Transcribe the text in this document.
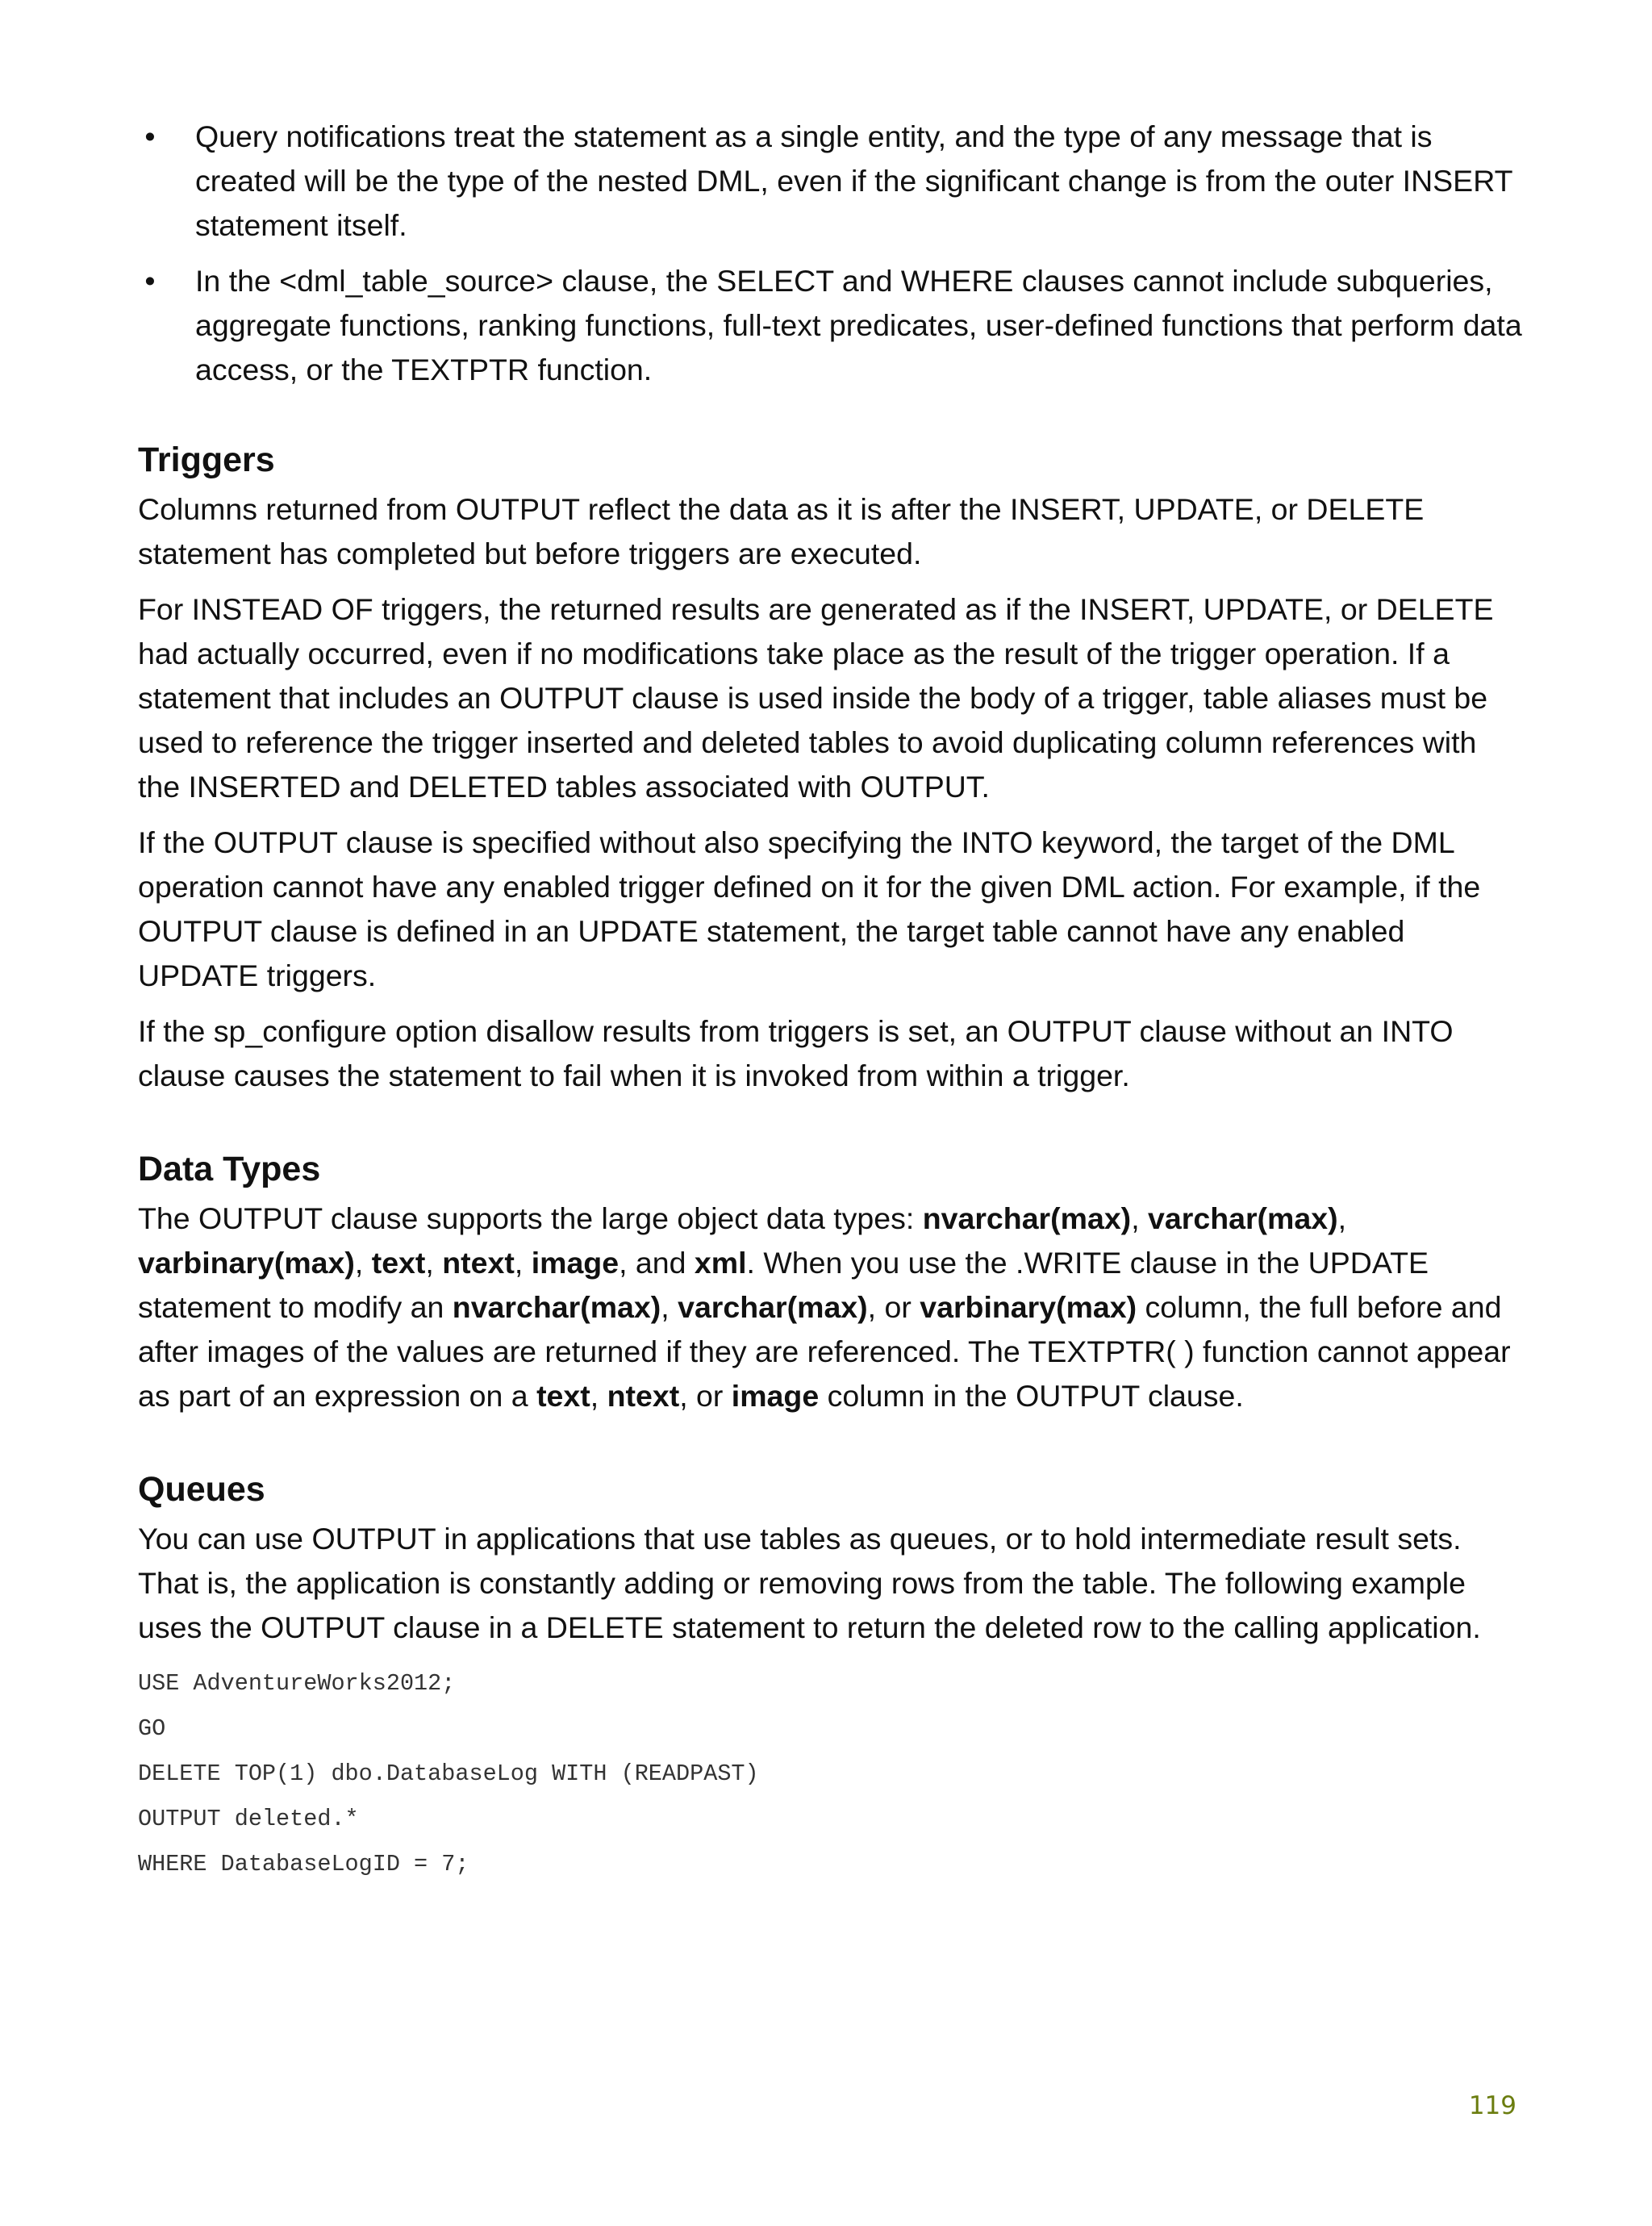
• Query notifications treat the statement as a single entity, and the type of any message that is created will be the type of the nested DML, even if the significant change is from the outer INSERT statement itself.
• In the <dml_table_source> clause, the SELECT and WHERE clauses cannot include subqueries, aggregate functions, ranking functions, full-text predicates, user-defined functions that perform data access, or the TEXTPTR function.
Triggers

Columns returned from OUTPUT reflect the data as it is after the INSERT, UPDATE, or DELETE statement has completed but before triggers are executed.

For INSTEAD OF triggers, the returned results are generated as if the INSERT, UPDATE, or DELETE had actually occurred, even if no modifications take place as the result of the trigger operation. If a statement that includes an OUTPUT clause is used inside the body of a trigger, table aliases must be used to reference the trigger inserted and deleted tables to avoid duplicating column references with the INSERTED and DELETED tables associated with OUTPUT.

If the OUTPUT clause is specified without also specifying the INTO keyword, the target of the DML operation cannot have any enabled trigger defined on it for the given DML action. For example, if the OUTPUT clause is defined in an UPDATE statement, the target table cannot have any enabled UPDATE triggers.

If the sp_configure option disallow results from triggers is set, an OUTPUT clause without an INTO clause causes the statement to fail when it is invoked from within a trigger.

Data Types

The OUTPUT clause supports the large object data types: nvarchar(max), varchar(max), varbinary(max), text, ntext, image, and xml. When you use the .WRITE clause in the UPDATE statement to modify an nvarchar(max), varchar(max), or varbinary(max) column, the full before and after images of the values are returned if they are referenced. The TEXTPTR( ) function cannot appear as part of an expression on a text, ntext, or image column in the OUTPUT clause.

Queues

You can use OUTPUT in applications that use tables as queues, or to hold intermediate result sets. That is, the application is constantly adding or removing rows from the table. The following example uses the OUTPUT clause in a DELETE statement to return the deleted row to the calling application.

USE AdventureWorks2012;
GO
DELETE TOP(1) dbo.DatabaseLog WITH (READPAST)
OUTPUT deleted.*
WHERE DatabaseLogID = 7;
119
